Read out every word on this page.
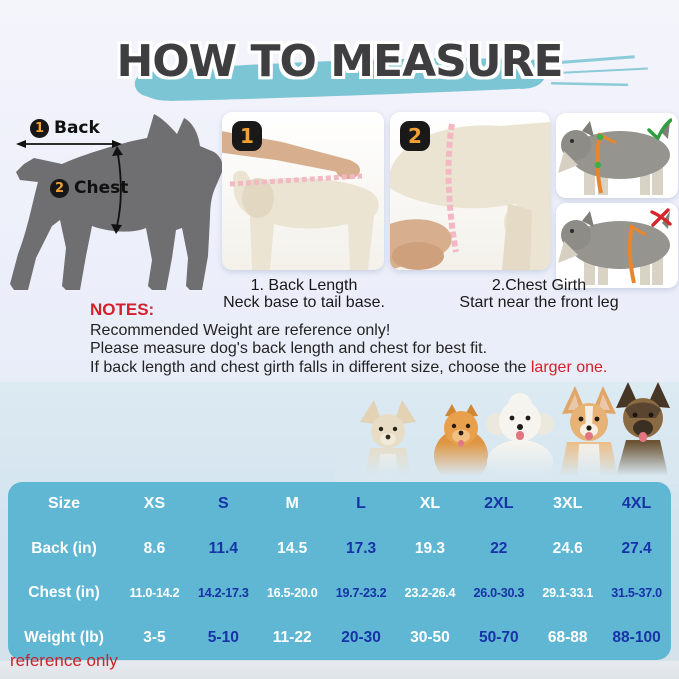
HOW TO MEASURE
1 Back
2 Chest
1	2
1. Back Length
Neck base to tail base.
2.Chest Girth
Start near the front leg
NOTES:
Recommended Weight are reference only!
Please measure dog's back length and chest for best fit.
If back length and chest girth falls in different size, choose the larger one.
Size	XS	S	M	L	XL	2XL	3XL	4XL
Back (in)	8.6	11.4	14.5	17.3	19.3	22	24.6	27.4
Chest (in)	11.0-14.2	14.2-17.3	16.5-20.0	19.7-23.2	23.2-26.4	26.0-30.3	29.1-33.1	31.5-37.0
Weight (lb)	3-5	5-10	11-22	20-30	30-50	50-70	68-88	88-100
reference only
